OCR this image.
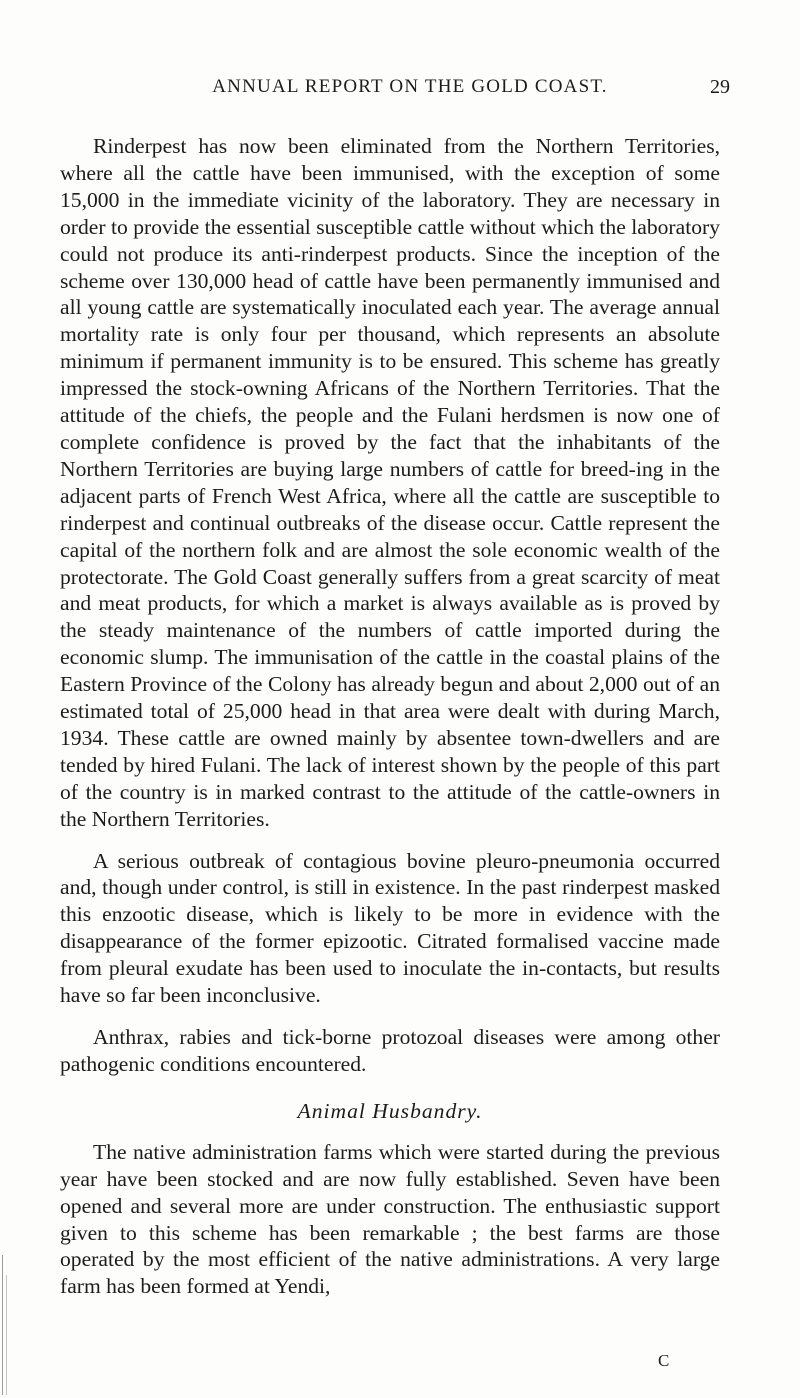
ANNUAL REPORT ON THE GOLD COAST.	29

Rinderpest has now been eliminated from the Northern Territories, where all the cattle have been immunised, with the exception of some 15,000 in the immediate vicinity of the laboratory. They are necessary in order to provide the essential susceptible cattle without which the laboratory could not produce its anti-rinderpest products. Since the inception of the scheme over 130,000 head of cattle have been permanently immunised and all young cattle are systematically inoculated each year. The average annual mortality rate is only four per thousand, which represents an absolute minimum if permanent immunity is to be ensured. This scheme has greatly impressed the stock-owning Africans of the Northern Territories. That the attitude of the chiefs, the people and the Fulani herdsmen is now one of complete confidence is proved by the fact that the inhabitants of the Northern Territories are buying large numbers of cattle for breed-ing in the adjacent parts of French West Africa, where all the cattle are susceptible to rinderpest and continual outbreaks of the disease occur. Cattle represent the capital of the northern folk and are almost the sole economic wealth of the protectorate. The Gold Coast generally suffers from a great scarcity of meat and meat products, for which a market is always available as is proved by the steady maintenance of the numbers of cattle imported during the economic slump. The immunisation of the cattle in the coastal plains of the Eastern Province of the Colony has already begun and about 2,000 out of an estimated total of 25,000 head in that area were dealt with during March, 1934. These cattle are owned mainly by absentee town-dwellers and are tended by hired Fulani. The lack of interest shown by the people of this part of the country is in marked contrast to the attitude of the cattle-owners in the Northern Territories.

A serious outbreak of contagious bovine pleuro-pneumonia occurred and, though under control, is still in existence. In the past rinderpest masked this enzootic disease, which is likely to be more in evidence with the disappearance of the former epizootic. Citrated formalised vaccine made from pleural exudate has been used to inoculate the in-contacts, but results have so far been inconclusive.

Anthrax, rabies and tick-borne protozoal diseases were among other pathogenic conditions encountered.

Animal Husbandry.

The native administration farms which were started during the previous year have been stocked and are now fully established. Seven have been opened and several more are under construction. The enthusiastic support given to this scheme has been remarkable ; the best farms are those operated by the most efficient of the native administrations. A very large farm has been formed at Yendi,

C
